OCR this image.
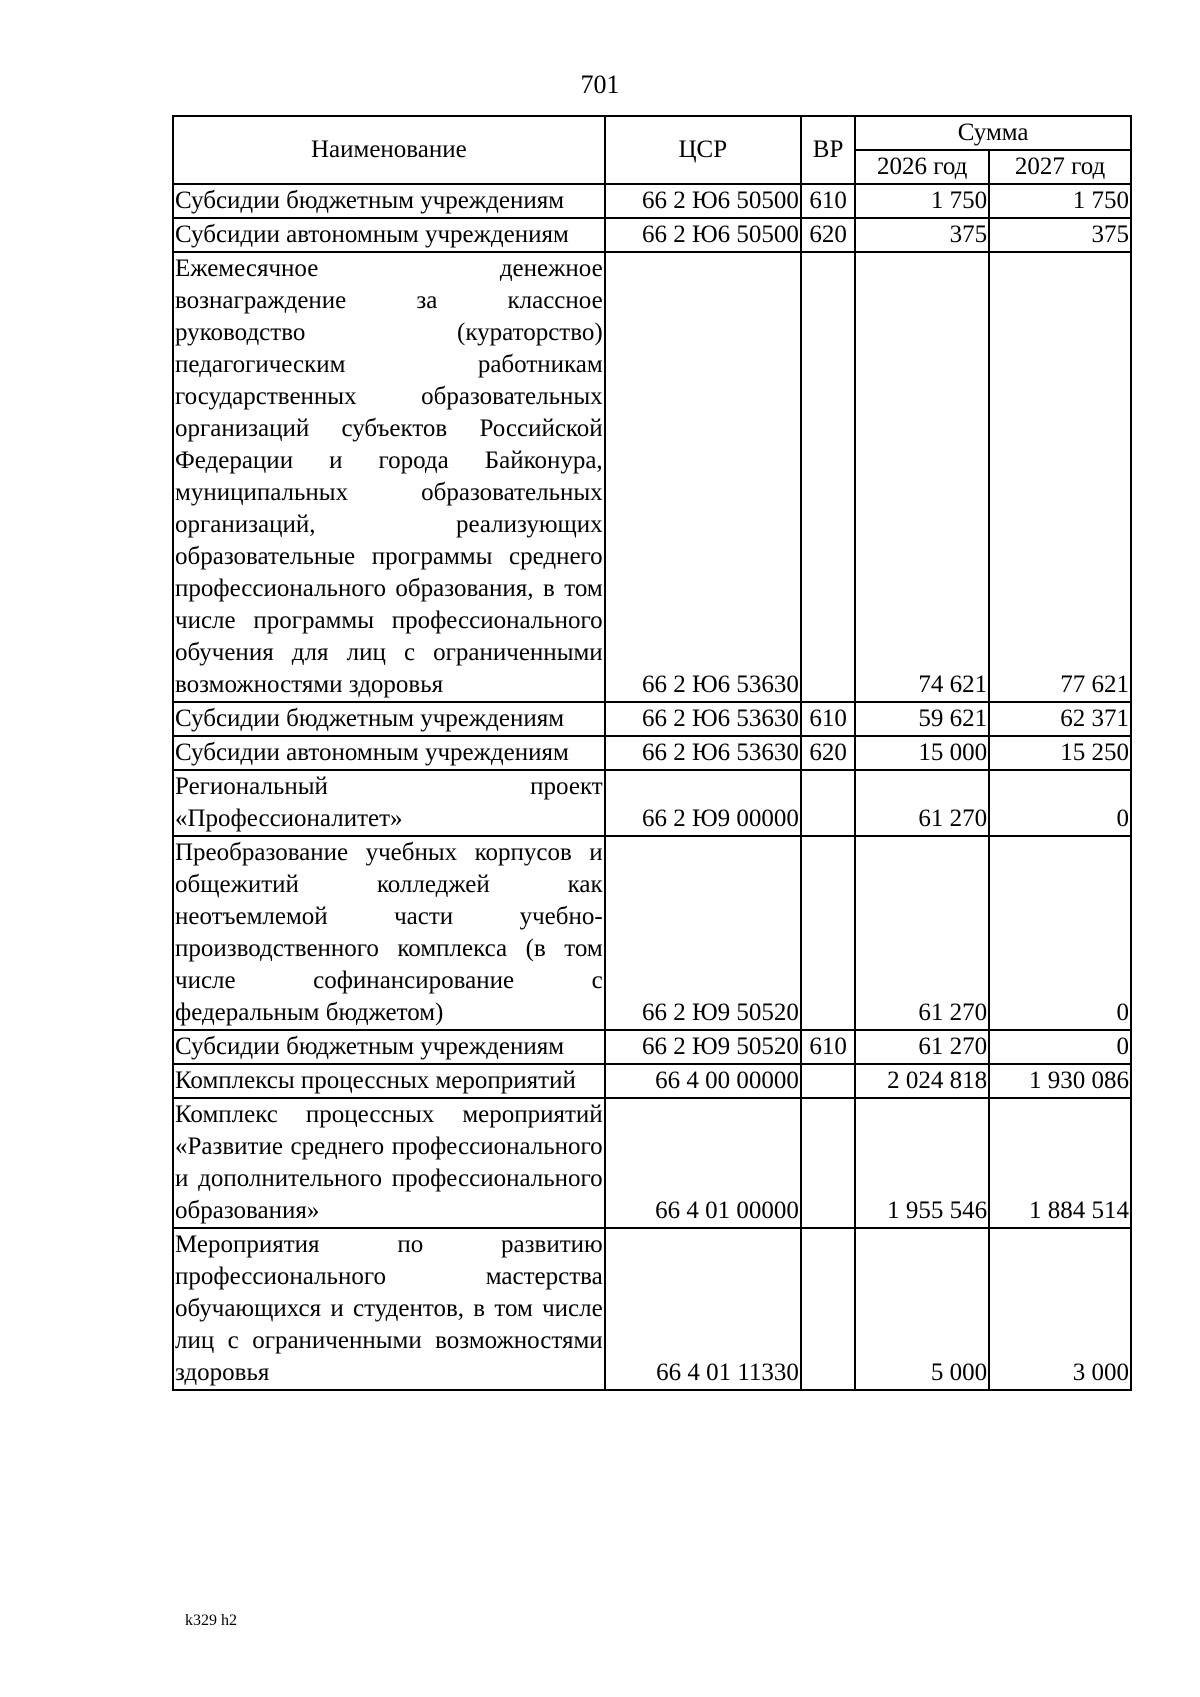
701
Наименование	ЦСР	ВР	Сумма	
			2026 год	2027 год
Субсидии бюджетным учреждениям	66 2 Ю6 50500	610	1 750	1 750
Субсидии автономным учреждениям	66 2 Ю6 50500	620	375	375
Ежемесячное денежное вознаграждение за классное руководство (кураторство) педагогическим работникам государственных образовательных организаций субъектов Российской Федерации и города Байконура, муниципальных образовательных организаций, реализующих образовательные программы среднего профессионального образования, в том числе программы профессионального обучения для лиц с ограниченными возможностями здоровья	66 2 Ю6 53630		74 621	77 621
Субсидии бюджетным учреждениям	66 2 Ю6 53630	610	59 621	62 371
Субсидии автономным учреждениям	66 2 Ю6 53630	620	15 000	15 250
Региональный проект «Профессионалитет»	66 2 Ю9 00000		61 270	0
Преобразование учебных корпусов и общежитий колледжей как неотъемлемой части учебно-производственного комплекса (в том числе софинансирование с федеральным бюджетом)	66 2 Ю9 50520		61 270	0
Субсидии бюджетным учреждениям	66 2 Ю9 50520	610	61 270	0
Комплексы процессных мероприятий	66 4 00 00000		2 024 818	1 930 086
Комплекс процессных мероприятий «Развитие среднего профессионального и дополнительного профессионального образования»	66 4 01 00000		1 955 546	1 884 514
Мероприятия по развитию профессионального мастерства обучающихся и студентов, в том числе лиц с ограниченными возможностями здоровья	66 4 01 11330		5 000	3 000
k329 h2
